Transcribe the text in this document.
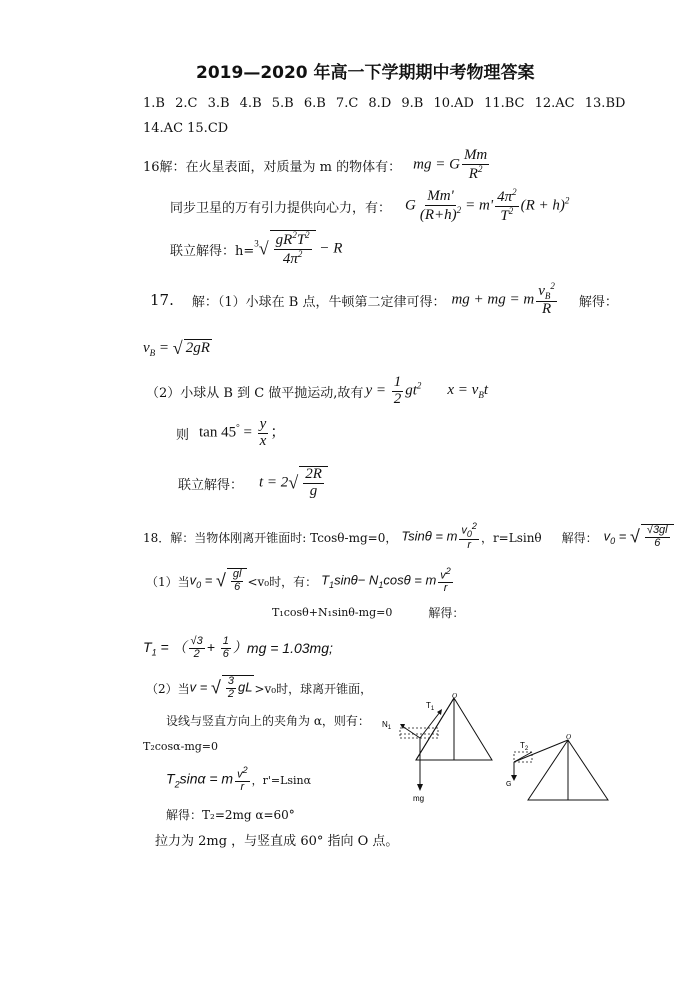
2019—2020 年高一下学期期中考物理答案
1.B 2.C 3.B 4.B 5.B 6.B 7.C 8.D 9.B 10.AD 11.BC 12.AC 13.BD
14.AC 15.CD
16解：在火星表面，对质量为 m 的物体有： mg = G $\frac{Mm}{R^2}$
同步卫星的万有引力提供向心力，有： G $\frac{Mm'}{(R+h)^2} = m' \frac{4\pi^2}{T^2} (R + h)^2$
联立解得：$h= ^3√ \frac{gR^2T^2}{4\pi^2} - R$
17. 解：（1）小球在 B 点，牛顿第二定律可得： mg + mg = m $\frac{v_B^2}{R}$ 解得：
$v_B$ = √ 2gR
（2）小球从 B 到 C 做平抛运动,故有 $y = \frac{1}{2} gt^2$ $x = v_Bt$
则 $\tan 45^\circ = \frac{y}{x}$ ；
联立解得： $t = 2√ \frac{2R}{g}$
18．解：当物体刚离开锥面时: Tcosθ-mg=0， Tsinθ = m $\frac{v_0^2}{r}$ ，r=Lsinθ 解得： $v_0$ = √ $\frac{√3gl}{6}$
（1）当 $v_0$ = √ $\frac{gl}{6} <v_0$时，有： $T_1\sin\theta- N_1\cos\theta = m \frac{v^2}{r}$
T₁cosθ+N₁sinθ-mg=0	解得：
$T_1$ = （ $\frac{√3}{2} + \frac{1}{6}$ ） mg = 1.03mg;
（2）当 v = √ $\frac{3}{2}$ gL >v₀时，球离开锥面，
设线与竖直方向上的夹角为 α，则有：
T₂cosα-mg=0
$T_2\sin\alpha = m \frac{v^2}{r}$ ，r'=Lsinα
解得：T₂=2mg α=60°
拉力为 2mg ，与竖直成 60° 指向 O 点。
$T_1$
$N_1$
mg
O
G
$T_2$
O
